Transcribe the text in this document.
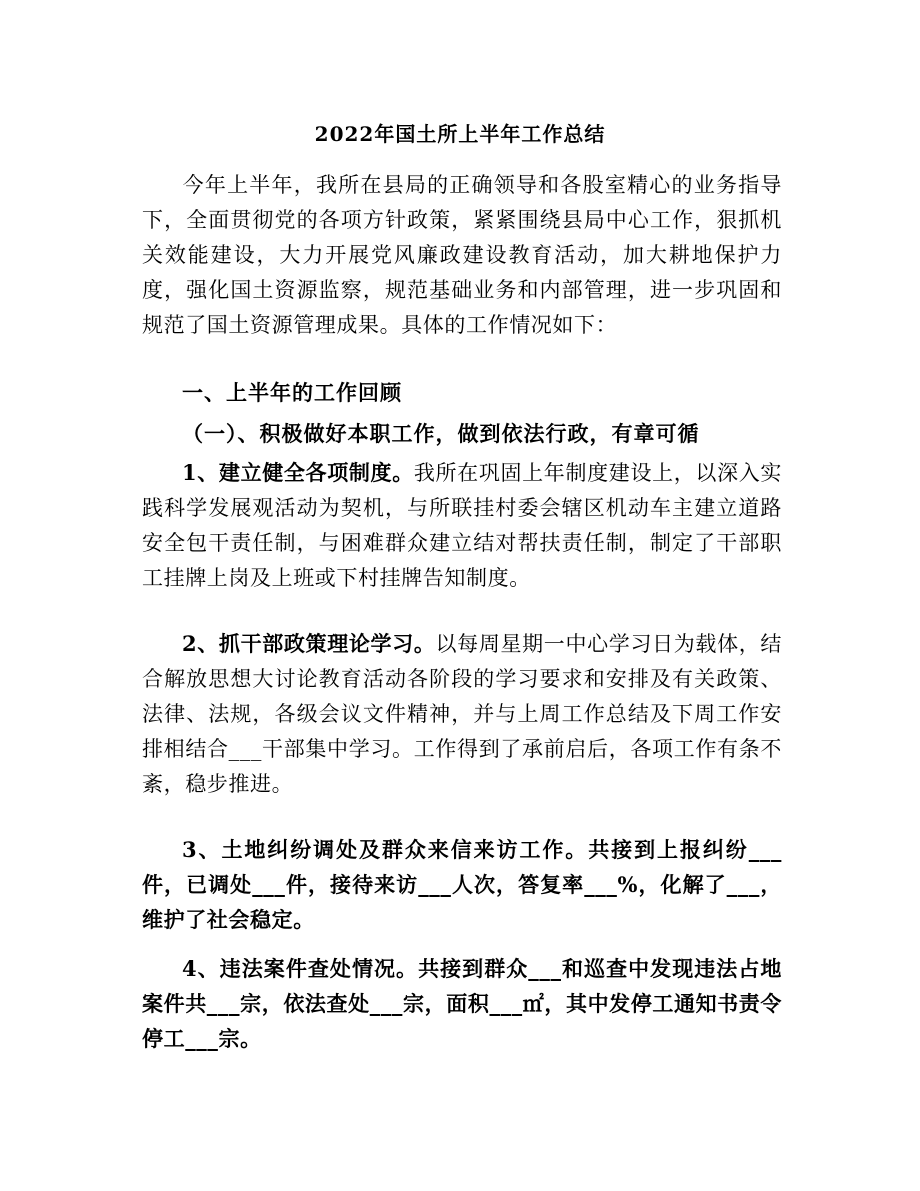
2022年国土所上半年工作总结
今年上半年，我所在县局的正确领导和各股室精心的业务指导下，全面贯彻党的各项方针政策，紧紧围绕县局中心工作，狠抓机关效能建设，大力开展党风廉政建设教育活动，加大耕地保护力度，强化国土资源监察，规范基础业务和内部管理，进一步巩固和规范了国土资源管理成果。具体的工作情况如下：
一、上半年的工作回顾
（一）、积极做好本职工作，做到依法行政，有章可循
1、建立健全各项制度。我所在巩固上年制度建设上，以深入实践科学发展观活动为契机，与所联挂村委会辖区机动车主建立道路安全包干责任制，与困难群众建立结对帮扶责任制，制定了干部职工挂牌上岗及上班或下村挂牌告知制度。
2、抓干部政策理论学习。以每周星期一中心学习日为载体，结合解放思想大讨论教育活动各阶段的学习要求和安排及有关政策、法律、法规，各级会议文件精神，并与上周工作总结及下周工作安排相结合___干部集中学习。工作得到了承前启后，各项工作有条不紊，稳步推进。
3、土地纠纷调处及群众来信来访工作。共接到上报纠纷___件，已调处___件，接待来访___人次，答复率___%，化解了___，维护了社会稳定。
4、违法案件查处情况。共接到群众___和巡查中发现违法占地案件共___宗，依法查处___宗，面积___㎡，其中发停工通知书责令停工___宗。
